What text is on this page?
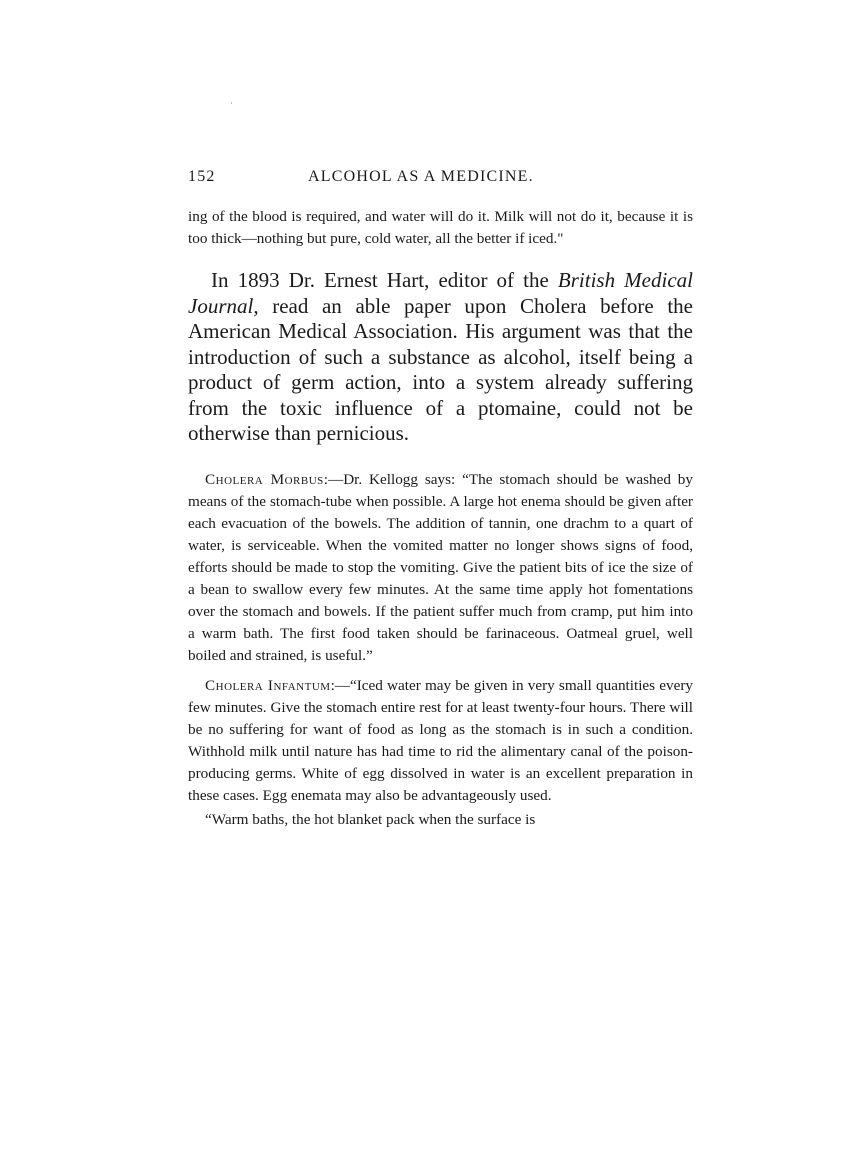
152	ALCOHOL AS A MEDICINE.

ing of the blood is required, and water will do it. Milk will not do it, because it is too thick—nothing but pure, cold water, all the better if iced."

In 1893 Dr. Ernest Hart, editor of the British Medical Journal, read an able paper upon Cholera before the American Medical Association. His argument was that the introduction of such a substance as alcohol, itself being a product of germ action, into a system already suffering from the toxic influence of a ptomaine, could not be otherwise than pernicious.

Cholera Morbus:—Dr. Kellogg says: “The stomach should be washed by means of the stomach-tube when possible. A large hot enema should be given after each evacuation of the bowels. The addition of tannin, one drachm to a quart of water, is serviceable. When the vomited matter no longer shows signs of food, efforts should be made to stop the vomiting. Give the patient bits of ice the size of a bean to swallow every few minutes. At the same time apply hot fomentations over the stomach and bowels. If the patient suffer much from cramp, put him into a warm bath. The first food taken should be farinaceous. Oatmeal gruel, well boiled and strained, is useful.”

Cholera Infantum:—“Iced water may be given in very small quantities every few minutes. Give the stomach entire rest for at least twenty-four hours. There will be no suffering for want of food as long as the stomach is in such a condition. Withhold milk until nature has had time to rid the alimentary canal of the poison-producing germs. White of egg dissolved in water is an excellent preparation in these cases. Egg enemata may also be advantageously used.

“Warm baths, the hot blanket pack when the surface is
